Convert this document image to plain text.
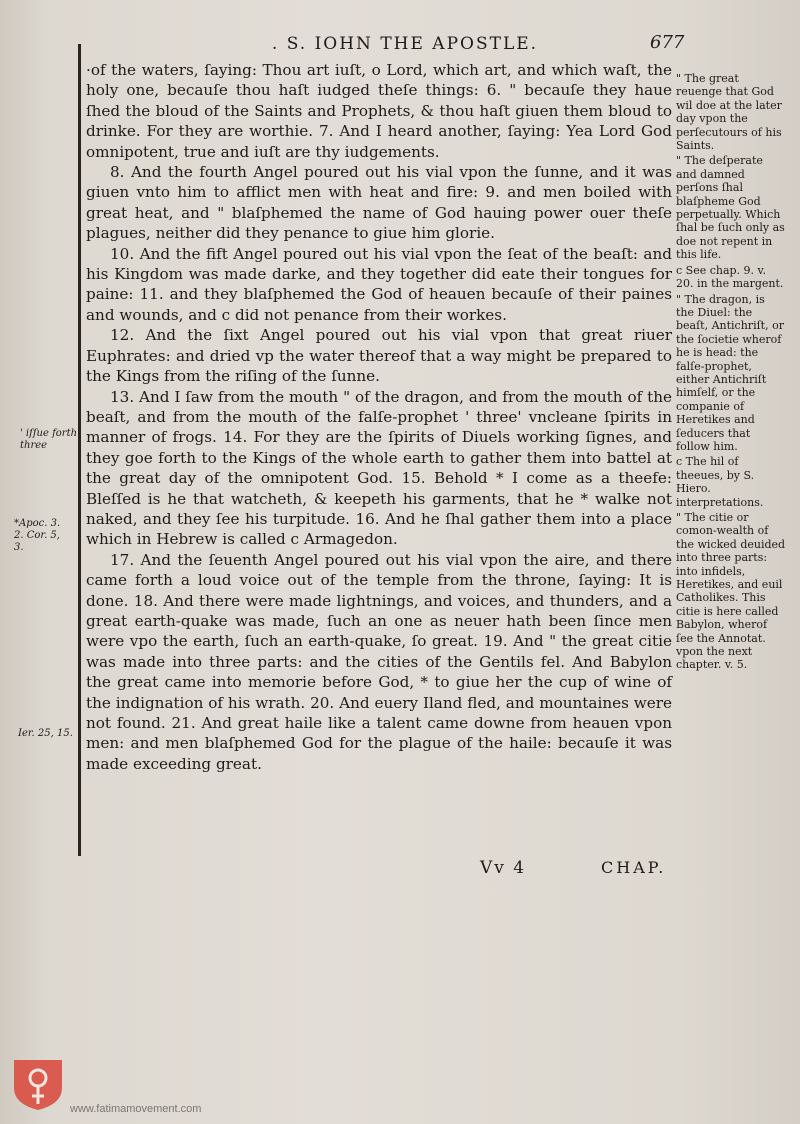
. S. IOHN THE APOSTLE.	677

·of the waters, ſaying: Thou art iuſt, o Lord, which art, and which waſt, the holy one, becauſe thou haſt iudged theſe things: 6. " becauſe they haue ſhed the bloud of the Saints and Prophets, & thou haſt giuen them bloud to drinke. For they are worthie. 7. And I heard another, ſaying: Yea Lord God omnipotent, true and iuſt are thy iudgements.

8. And the fourth Angel poured out his vial vpon the ſunne, and it was giuen vnto him to afflict men with heat and fire: 9. and men boiled with great heat, and " blaſphemed the name of God hauing power ouer theſe plagues, neither did they penance to giue him glorie.

10. And the fift Angel poured out his vial vpon the ſeat of the beaſt: and his Kingdom was made darke, and they together did eate their tongues for paine: 11. and they blaſphemed the God of heauen becauſe of their paines and wounds, and c did not penance from their workes.

12. And the ſixt Angel poured out his vial vpon that great riuer Euphrates: and dried vp the water thereof that a way might be prepared to the Kings from the riſing of the ſunne.

13. And I ſaw from the mouth " of the dragon, and from the mouth of the beaſt, and from the mouth of the falſe-prophet ' three' vncleane ſpirits in manner of frogs. 14. For they are the ſpirits of Diuels working ſignes, and they goe forth to the Kings of the whole earth to gather them into battel at the great day of the omnipotent God. 15. Behold * I come as a theefe: Bleſſed is he that watcheth, & keepeth his garments, that he * walke not naked, and they ſee his turpitude. 16. And he ſhal gather them into a place which in Hebrew is called c Armagedon.

17. And the ſeuenth Angel poured out his vial vpon the aire, and there came forth a loud voice out of the temple from the throne, ſaying: It is done. 18. And there were made lightnings, and voices, and thunders, and a great earth-quake was made, ſuch an one as neuer hath been ſince men were vpo the earth, ſuch an earth-quake, ſo great. 19. And " the great citie was made into three parts: and the cities of the Gentils fel. And Babylon the great came into memorie before God, * to giue her the cup of wine of the indignation of his wrath. 20. And euery Iland fled, and mountaines were not found. 21. And great haile like a talent came downe from heauen vpon men: and men blaſphemed God for the plague of the haile: becauſe it was made exceeding great.

' iſſue forth three
*Apoc. 3. 2. Cor. 5, 3.
Ier. 25, 15.

" The great reuenge that God wil doe at the later day vpon the perſecutours of his Saints.

" The deſperate and damned perſons ſhal blaſpheme God perpetually. Which ſhal be ſuch only as doe not repent in this life.

c See chap. 9. v. 20. in the margent.

" The dragon, is the Diuel: the beaſt, Antichriſt, or the ſocietie wherof he is head: the falſe-prophet, either Antichriſt himſelf, or the companie of Heretikes and ſeducers that follow him.

c The hil of theeues, by S. Hiero. interpretations.

" The citie or comon-wealth of the wicked deuided into three parts: into infidels, Heretikes, and euil Catholikes. This citie is here called Babylon, wherof ſee the Annotat. vpon the next chapter. v. 5.

Vv 4	CHAP.
www.fatimamovement.com
